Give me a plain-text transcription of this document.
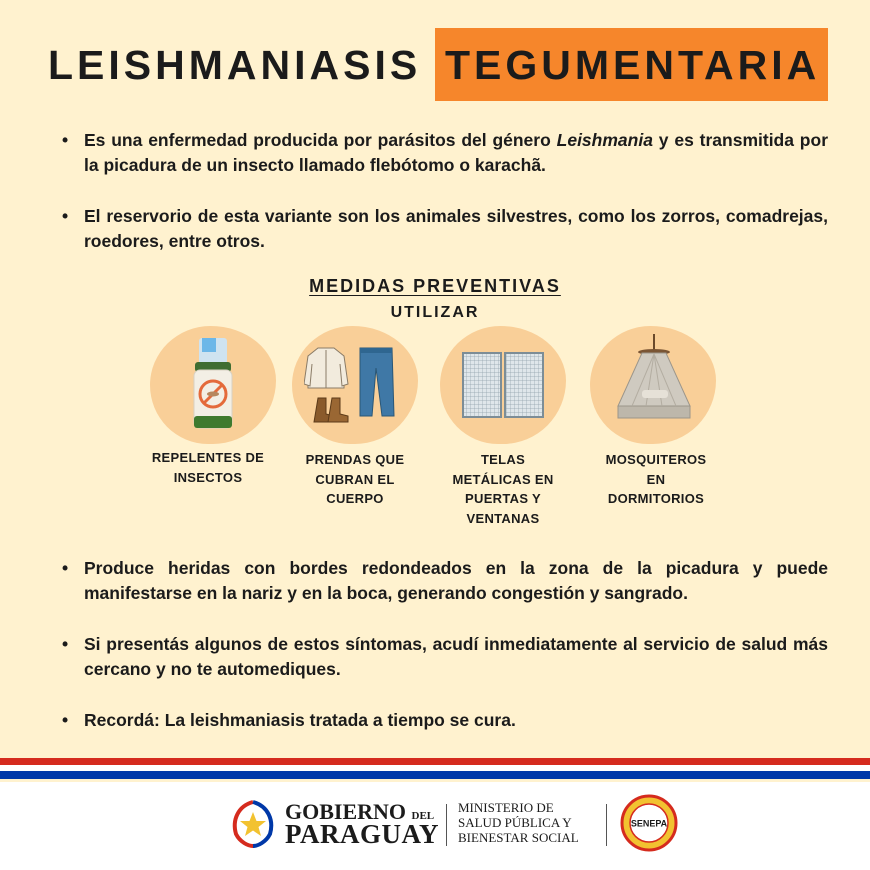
LEISHMANIASIS TEGUMENTARIA
• Es una enfermedad producida por parásitos del género Leishmania y es transmitida por la picadura de un insecto llamado flebótomo o karachã.
• El reservorio de esta variante son los animales silvestres, como los zorros, comadrejas, roedores, entre otros.
MEDIDAS PREVENTIVAS
UTILIZAR
REPELENTES DE
INSECTOS
PRENDAS QUE
CUBRAN EL
CUERPO
TELAS
METÁLICAS EN
PUERTAS Y
VENTANAS
MOSQUITEROS
EN
DORMITORIOS
• Produce heridas con bordes redondeados en la zona de la picadura y puede manifestarse en la nariz y en la boca, generando congestión y sangrado.
• Si presentás algunos de estos síntomas, acudí inmediatamente al servicio de salud más cercano y no te automediques.
• Recordá: La leishmaniasis tratada a tiempo se cura.
GOBIERNO DEL
PARAGUAY
MINISTERIO DE
SALUD PÚBLICA Y
BIENESTAR SOCIAL
SENEPA
